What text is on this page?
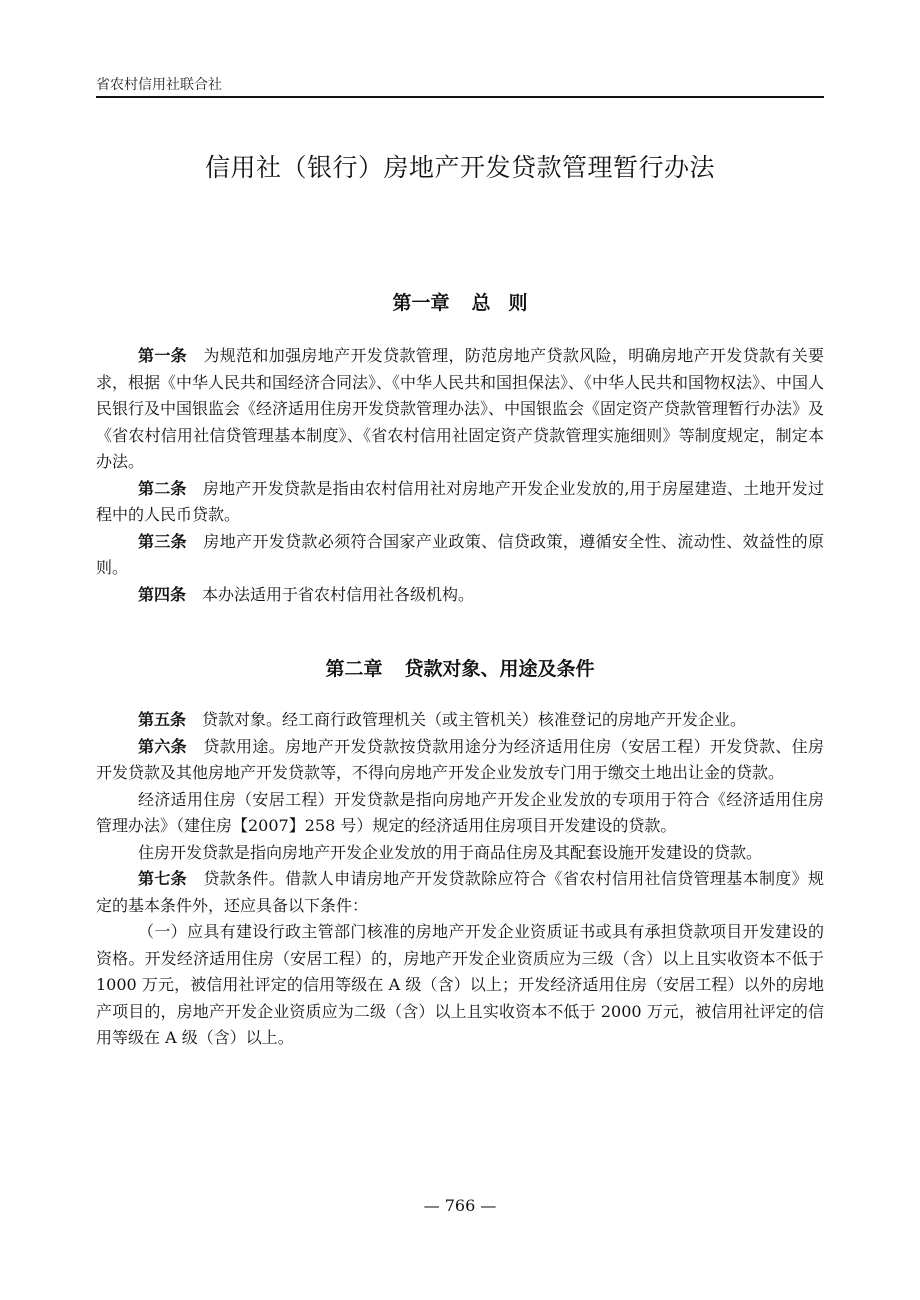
省农村信用社联合社
信用社（银行）房地产开发贷款管理暂行办法
第一章 总 则

第一条 为规范和加强房地产开发贷款管理，防范房地产贷款风险，明确房地产开发贷款有关要求，根据《中华人民共和国经济合同法》、《中华人民共和国担保法》、《中华人民共和国物权法》、中国人民银行及中国银监会《经济适用住房开发贷款管理办法》、中国银监会《固定资产贷款管理暂行办法》及《省农村信用社信贷管理基本制度》、《省农村信用社固定资产贷款管理实施细则》等制度规定，制定本办法。

第二条 房地产开发贷款是指由农村信用社对房地产开发企业发放的,用于房屋建造、土地开发过程中的人民币贷款。

第三条 房地产开发贷款必须符合国家产业政策、信贷政策，遵循安全性、流动性、效益性的原则。

第四条 本办法适用于省农村信用社各级机构。

第二章 贷款对象、用途及条件

第五条 贷款对象。经工商行政管理机关（或主管机关）核准登记的房地产开发企业。

第六条 贷款用途。房地产开发贷款按贷款用途分为经济适用住房（安居工程）开发贷款、住房开发贷款及其他房地产开发贷款等，不得向房地产开发企业发放专门用于缴交土地出让金的贷款。

经济适用住房（安居工程）开发贷款是指向房地产开发企业发放的专项用于符合《经济适用住房管理办法》（建住房【2007】258 号）规定的经济适用住房项目开发建设的贷款。

住房开发贷款是指向房地产开发企业发放的用于商品住房及其配套设施开发建设的贷款。

第七条 贷款条件。借款人申请房地产开发贷款除应符合《省农村信用社信贷管理基本制度》规定的基本条件外，还应具备以下条件：

（一）应具有建设行政主管部门核准的房地产开发企业资质证书或具有承担贷款项目开发建设的资格。开发经济适用住房（安居工程）的，房地产开发企业资质应为三级（含）以上且实收资本不低于 1000 万元，被信用社评定的信用等级在 A 级（含）以上；开发经济适用住房（安居工程）以外的房地产项目的，房地产开发企业资质应为二级（含）以上且实收资本不低于 2000 万元，被信用社评定的信用等级在 A 级（含）以上。

— 766 —
